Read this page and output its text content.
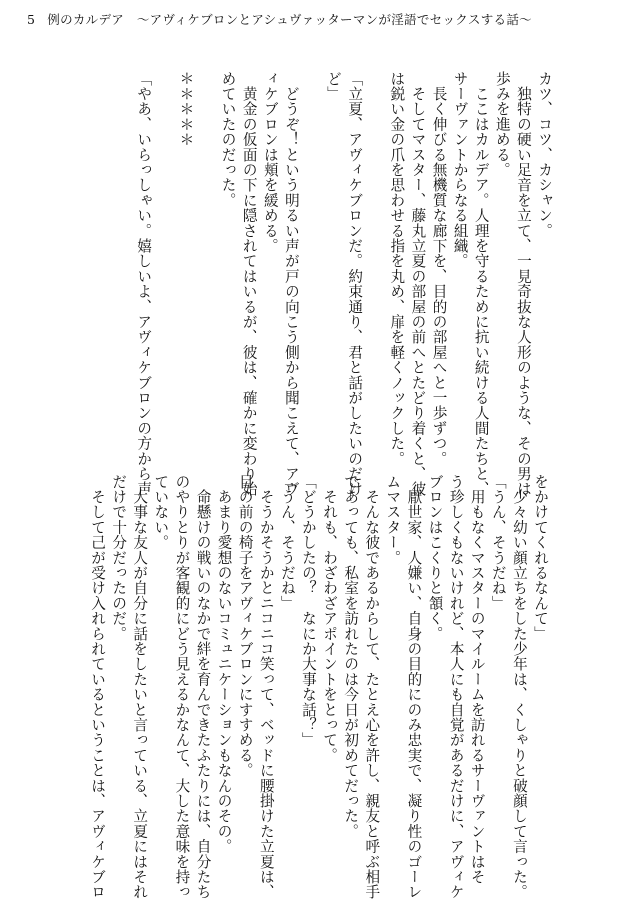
5 例のカルデア　〜アヴィケブロンとアシュヴァッターマンが淫語でセックスする話〜
カツ、コツ、カシャン。
　独特の硬い足音を立て、一見奇抜な人形のような、その男は
歩みを進める。
　ここはカルデア。人理を守るために抗い続ける人間たちと、
サーヴァントからなる組織。
　長く伸びる無機質な廊下を、目的の部屋へと一歩ずつ。
　そしてマスター、藤丸立夏の部屋の前へとたどり着くと、彼
は鋭い金の爪を思わせる指を丸め、扉を軽くノックした。

「立夏、アヴィケブロンだ。約束通り、君と話がしたいのだけ
ど」

　どうぞ！という明るい声が戸の向こう側から聞こえて、アヴ
ィケブロンは頬を緩める。
　黄金の仮面の下に隠されてはいるが、彼は、確かに変わり始
めていたのだった。

＊＊＊＊＊

「やあ、いらっしゃい。嬉しいよ、アヴィケブロンの方から声
をかけてくれるなんて」
　少々幼い顔立ちをした少年は、くしゃりと破顔して言った。
「うん、そうだね」
　用もなくマスターのマイルームを訪れるサーヴァントはそ
う珍しくもないけれど、本人にも自覚があるだけに、アヴィケ
ブロンはこくりと頷く。
　厭世家、人嫌い、自身の目的にのみ忠実で、凝り性のゴーレ
ムマスター。
　そんな彼であるからして、たとえ心を許し、親友と呼ぶ相手
であっても、私室を訪れたのは今日が初めてだった。
　それも、わざわざアポイントをとって。
「どうかしたの？　なにか大事な話？」
「うん、そうだね」
　そうかそうかとニコニコ笑って、ベッドに腰掛けた立夏は、
目の前の椅子をアヴィケブロンにすすめる。
　あまり愛想のないコミュニケーションもなんのその。
　命懸けの戦いのなかで絆を育んできたふたりには、自分たち
のやりとりが客観的にどう見えるかなんて、大した意味を持っ
ていない。
　大事な友人が自分に話をしたいと言っている、立夏にはそれ
だけで十分だったのだ。
　そして己が受け入れられているということは、アヴィケブロ
